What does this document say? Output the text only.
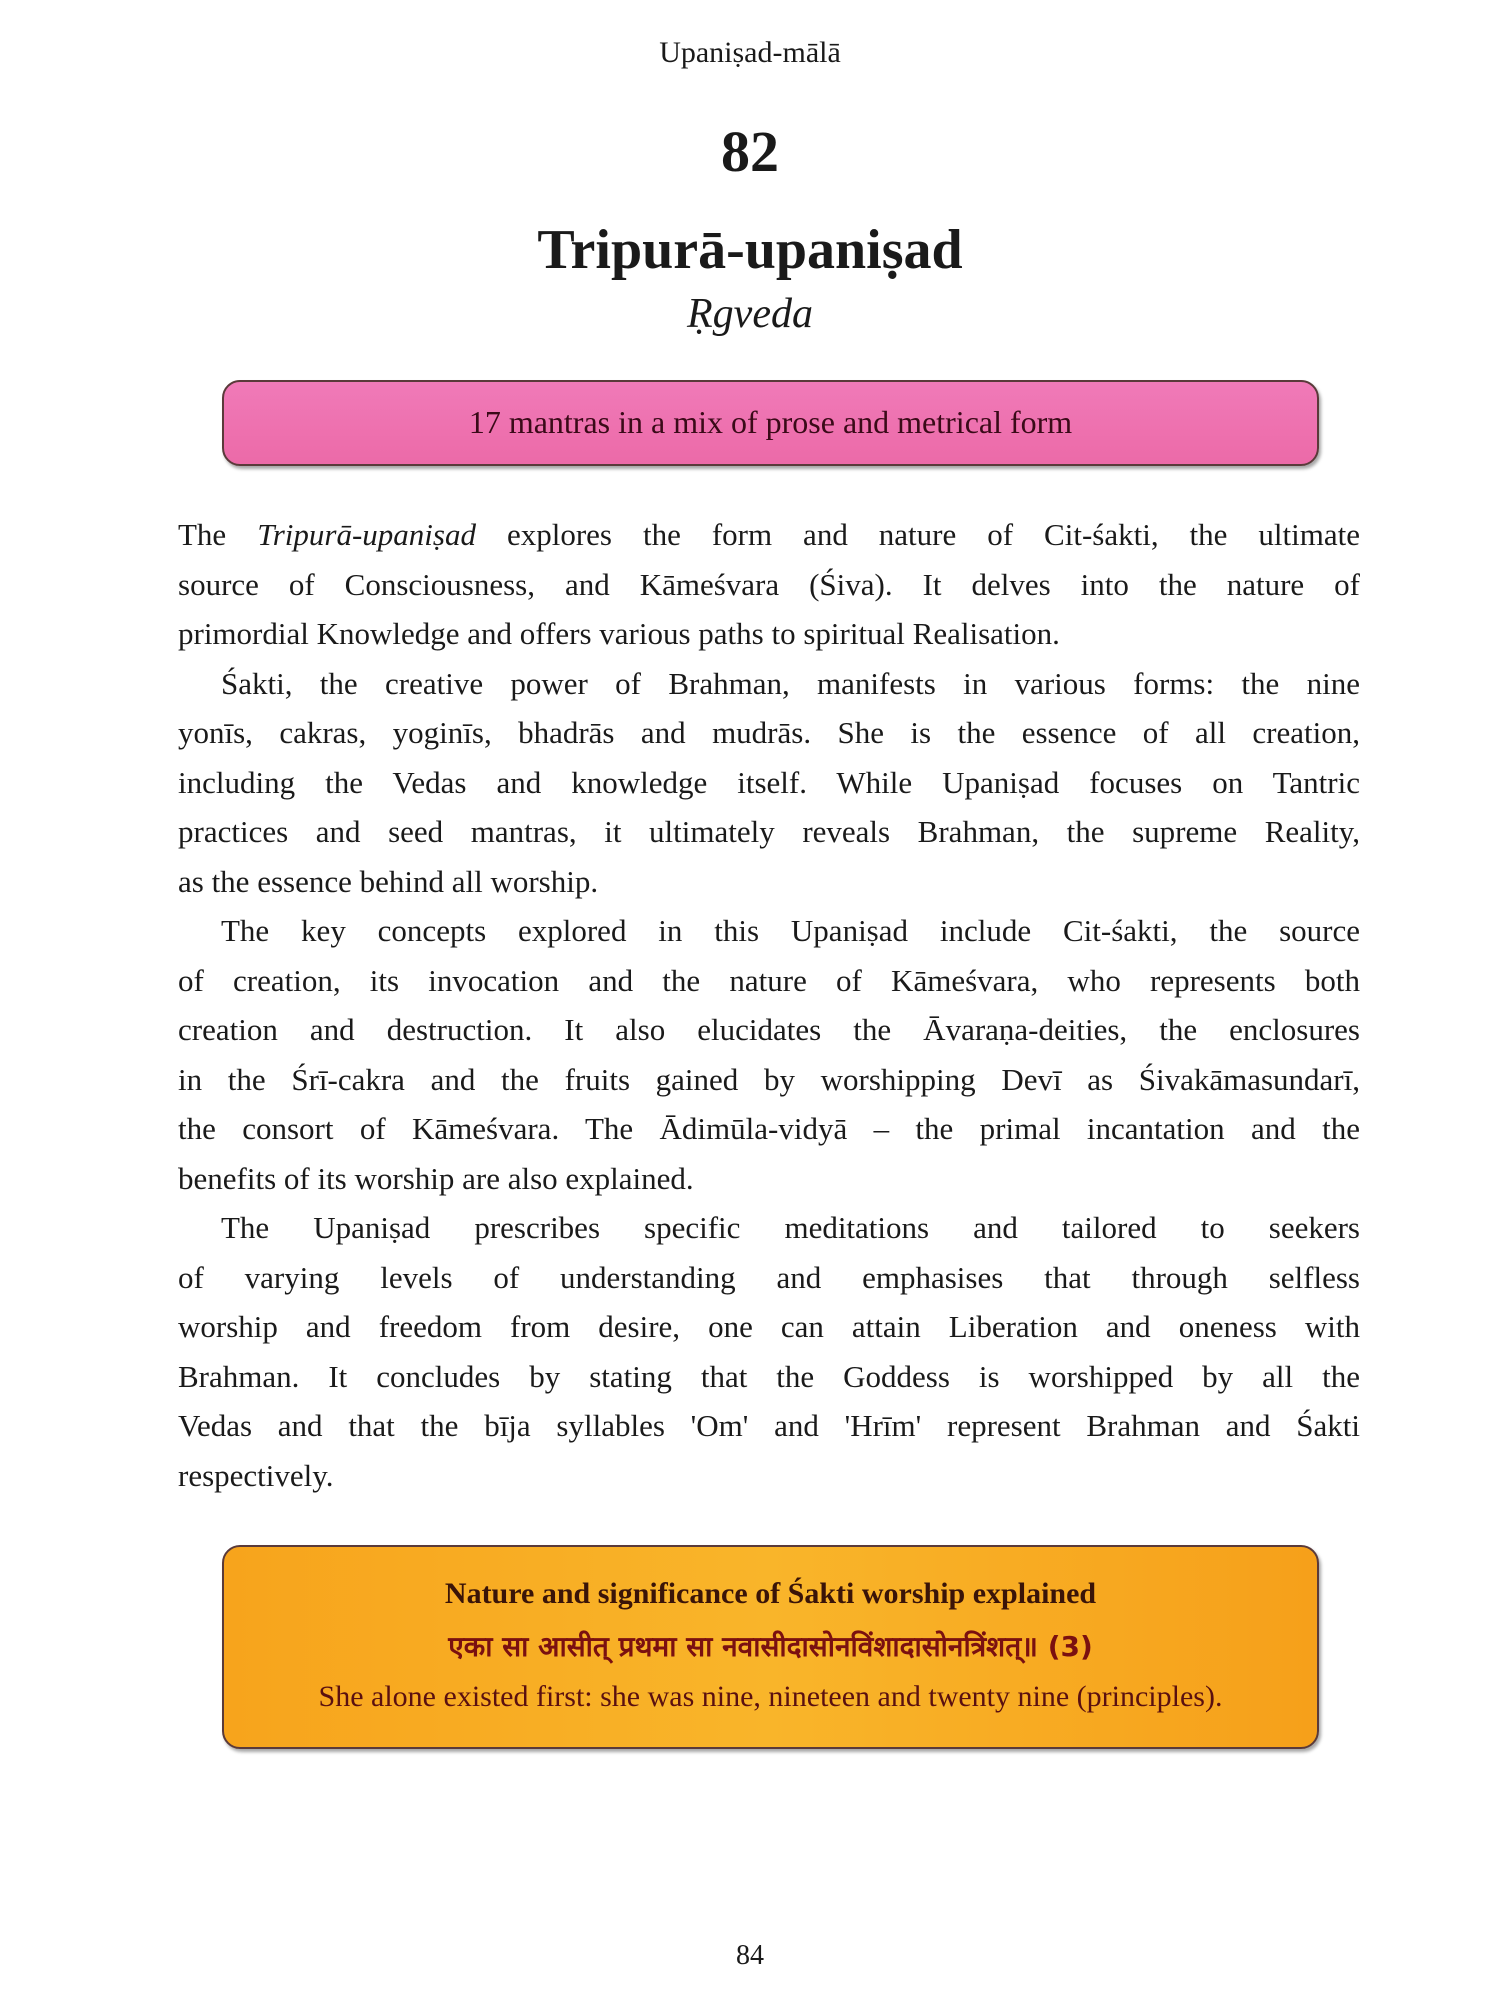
Upaniṣad-mālā
82
Tripurā-upaniṣad
Ṛgveda
17 mantras in a mix of prose and metrical form
The Tripurā-upaniṣad explores the form and nature of Cit-śakti, the ultimate
source of Consciousness, and Kāmeśvara (Śiva). It delves into the nature of
primordial Knowledge and offers various paths to spiritual Realisation.
Śakti, the creative power of Brahman, manifests in various forms: the nine
yonīs, cakras, yoginīs, bhadrās and mudrās. She is the essence of all creation,
including the Vedas and knowledge itself. While Upaniṣad focuses on Tantric
practices and seed mantras, it ultimately reveals Brahman, the supreme Reality,
as the essence behind all worship.
The key concepts explored in this Upaniṣad include Cit-śakti, the source
of creation, its invocation and the nature of Kāmeśvara, who represents both
creation and destruction. It also elucidates the Āvaraṇa-deities, the enclosures
in the Śrī-cakra and the fruits gained by worshipping Devī as Śivakāmasundarī,
the consort of Kāmeśvara. The Ādimūla-vidyā – the primal incantation and the
benefits of its worship are also explained.
The Upaniṣad prescribes specific meditations and tailored to seekers
of varying levels of understanding and emphasises that through selfless
worship and freedom from desire, one can attain Liberation and oneness with
Brahman. It concludes by stating that the Goddess is worshipped by all the
Vedas and that the bīja syllables 'Om' and 'Hrīm' represent Brahman and Śakti
respectively.
Nature and significance of Śakti worship explained
एका सा आसीत् प्रथमा सा नवासीदासोनविंशादासोनत्रिंशत्॥ (3)
She alone existed first: she was nine, nineteen and twenty nine (principles).
84
